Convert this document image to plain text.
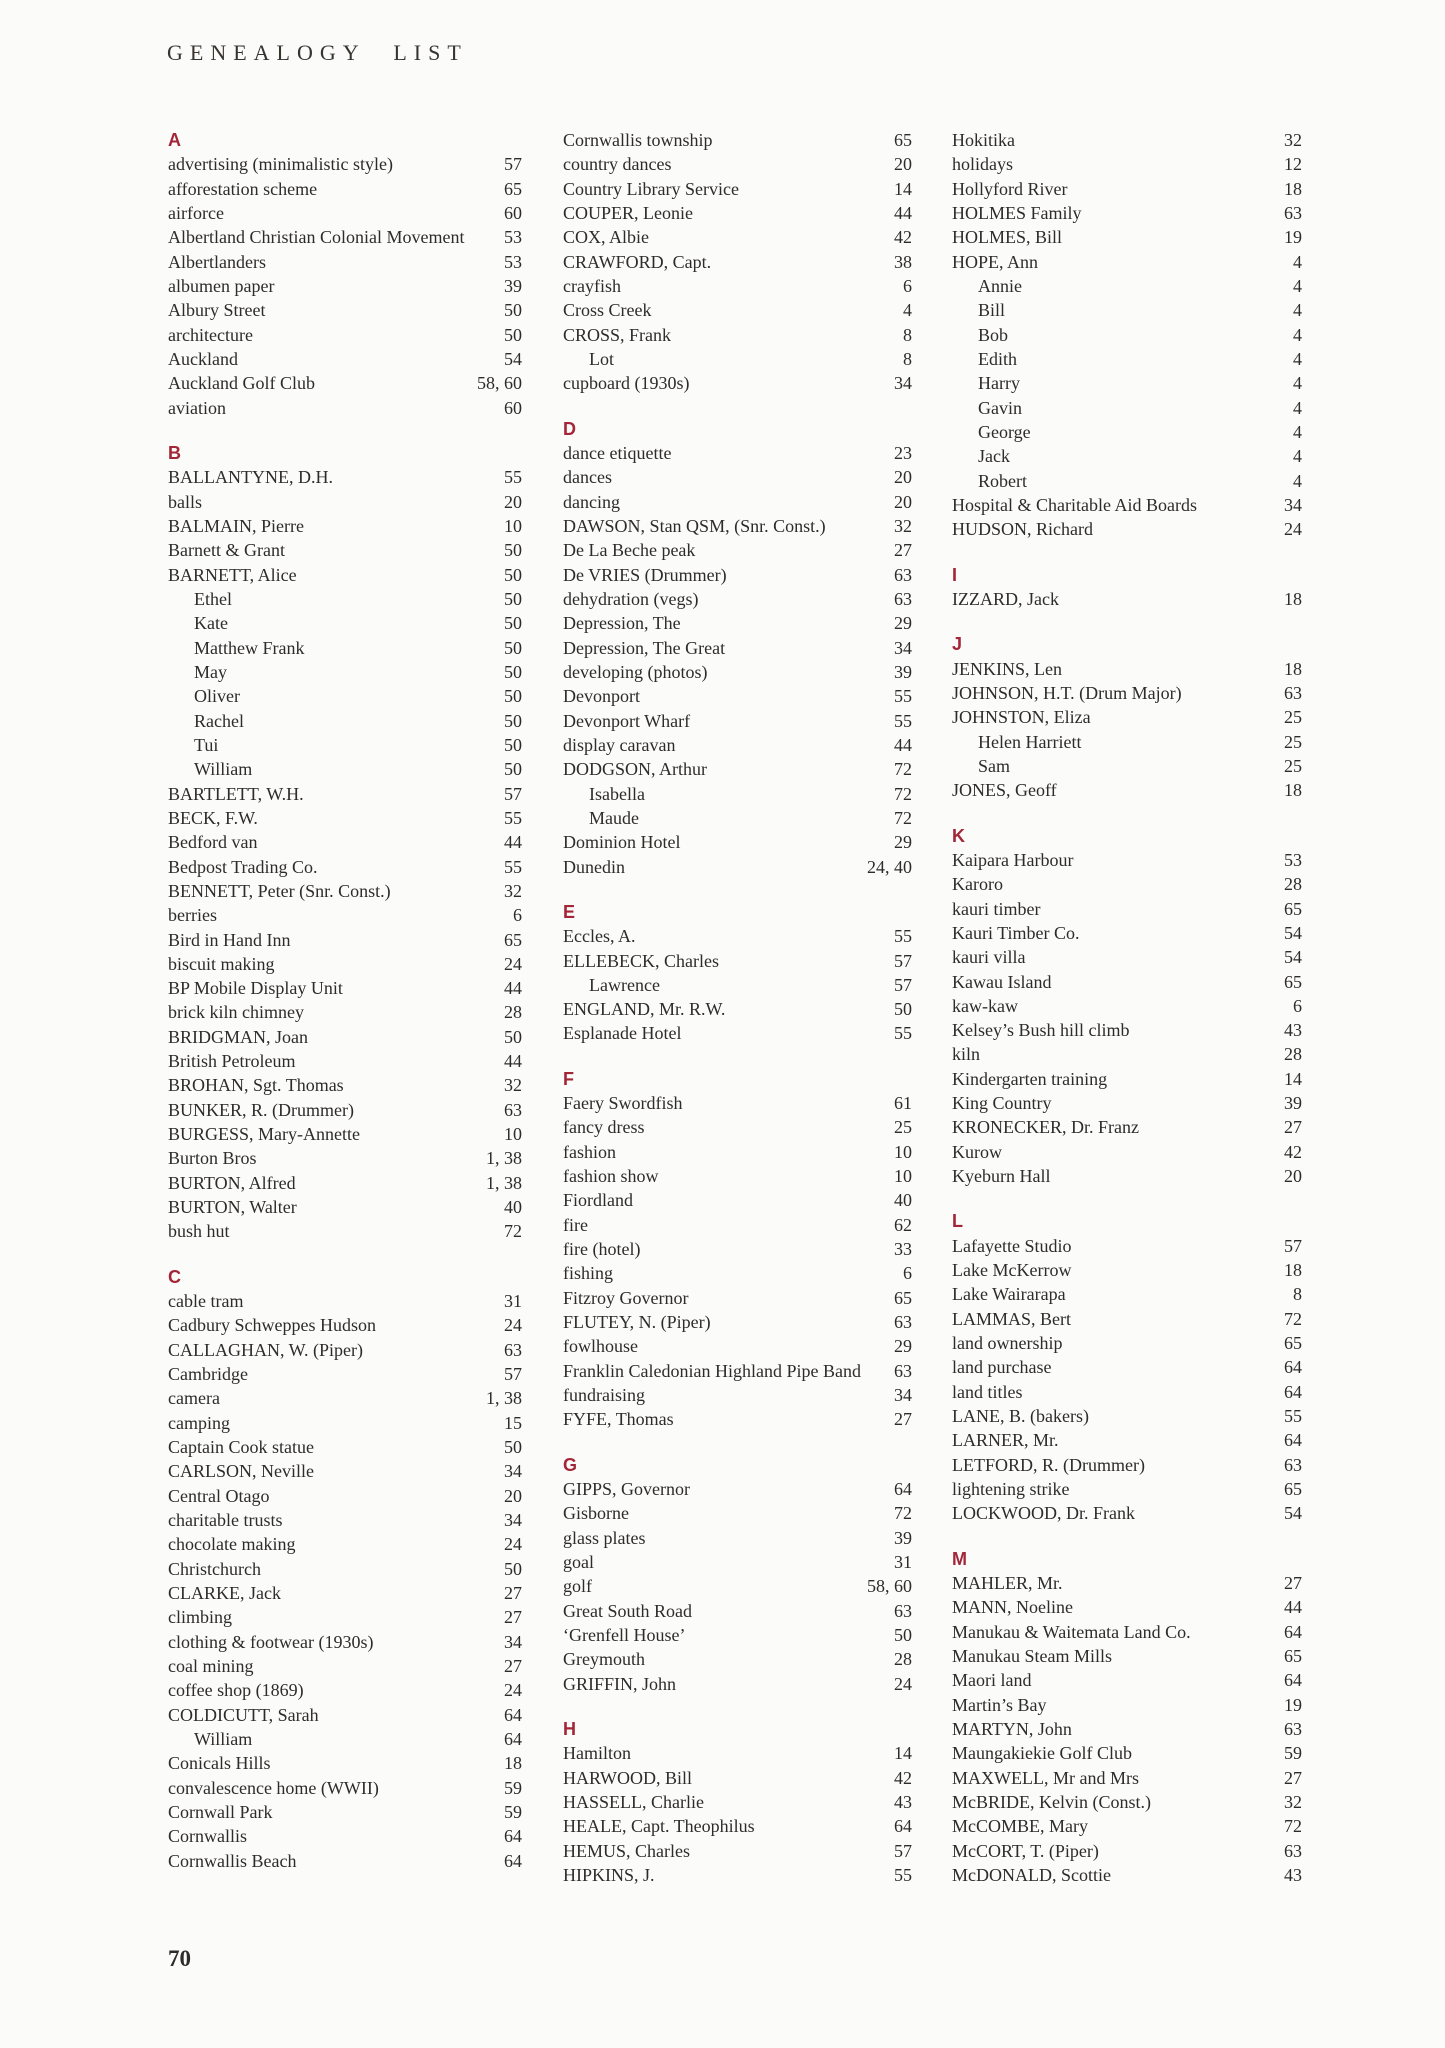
GENEALOGY LIST
A
advertising (minimalistic style)	57
afforestation scheme	65
airforce	60
Albertland Christian Colonial Movement 53
Albertlanders	53
albumen paper	39
Albury Street	50
architecture	50
Auckland	54
Auckland Golf Club	58, 60
aviation	60
B
BALLANTYNE, D.H.	55
balls	20
BALMAIN, Pierre	10
Barnett & Grant	50
BARNETT, Alice	50
Ethel	50
Kate	50
Matthew Frank	50
May	50
Oliver	50
Rachel	50
Tui	50
William	50
BARTLETT, W.H.	57
BECK, F.W.	55
Bedford van	44
Bedpost Trading Co.	55
BENNETT, Peter (Snr. Const.)	32
berries	6
Bird in Hand Inn	65
biscuit making	24
BP Mobile Display Unit	44
brick kiln chimney	28
BRIDGMAN, Joan	50
British Petroleum	44
BROHAN, Sgt. Thomas	32
BUNKER, R. (Drummer)	63
BURGESS, Mary-Annette	10
Burton Bros	1, 38
BURTON, Alfred	1, 38
BURTON, Walter	40
bush hut	72
C
cable tram	31
Cadbury Schweppes Hudson	24
CALLAGHAN, W. (Piper)	63
Cambridge	57
camera	1, 38
camping	15
Captain Cook statue	50
CARLSON, Neville	34
Central Otago	20
charitable trusts	34
chocolate making	24
Christchurch	50
CLARKE, Jack	27
climbing	27
clothing & footwear (1930s)	34
coal mining	27
coffee shop (1869)	24
COLDICUTT, Sarah	64
William	64
Conicals Hills	18
convalescence home (WWII)	59
Cornwall Park	59
Cornwallis	64
Cornwallis Beach	64
Cornwallis township	65
country dances	20
Country Library Service	14
COUPER, Leonie	44
COX, Albie	42
CRAWFORD, Capt.	38
crayfish	6
Cross Creek	4
CROSS, Frank	8
Lot	8
cupboard (1930s)	34
D
dance etiquette	23
dances	20
dancing	20
DAWSON, Stan QSM, (Snr. Const.)	32
De La Beche peak	27
De VRIES (Drummer)	63
dehydration (vegs)	63
Depression, The	29
Depression, The Great	34
developing (photos)	39
Devonport	55
Devonport Wharf	55
display caravan	44
DODGSON, Arthur	72
Isabella	72
Maude	72
Dominion Hotel	29
Dunedin	24, 40
E
Eccles, A.	55
ELLEBECK, Charles	57
Lawrence	57
ENGLAND, Mr. R.W.	50
Esplanade Hotel	55
F
Faery Swordfish	61
fancy dress	25
fashion	10
fashion show	10
Fiordland	40
fire	62
fire (hotel)	33
fishing	6
Fitzroy Governor	65
FLUTEY, N. (Piper)	63
fowlhouse	29
Franklin Caledonian Highland Pipe Band 63
fundraising	34
FYFE, Thomas	27
G
GIPPS, Governor	64
Gisborne	72
glass plates	39
goal	31
golf	58, 60
Great South Road	63
‘Grenfell House’	50
Greymouth	28
GRIFFIN, John	24
H
Hamilton	14
HARWOOD, Bill	42
HASSELL, Charlie	43
HEALE, Capt. Theophilus	64
HEMUS, Charles	57
HIPKINS, J.	55
Hokitika	32
holidays	12
Hollyford River	18
HOLMES Family	63
HOLMES, Bill	19
HOPE, Ann	4
Annie	4
Bill	4
Bob	4
Edith	4
Harry	4
Gavin	4
George	4
Jack	4
Robert	4
Hospital & Charitable Aid Boards	34
HUDSON, Richard	24
I
IZZARD, Jack	18
J
JENKINS, Len	18
JOHNSON, H.T. (Drum Major)	63
JOHNSTON, Eliza	25
Helen Harriett	25
Sam	25
JONES, Geoff	18
K
Kaipara Harbour	53
Karoro	28
kauri timber	65
Kauri Timber Co.	54
kauri villa	54
Kawau Island	65
kaw-kaw	6
Kelsey’s Bush hill climb	43
kiln	28
Kindergarten training	14
King Country	39
KRONECKER, Dr. Franz	27
Kurow	42
Kyeburn Hall	20
L
Lafayette Studio	57
Lake McKerrow	18
Lake Wairarapa	8
LAMMAS, Bert	72
land ownership	65
land purchase	64
land titles	64
LANE, B. (bakers)	55
LARNER, Mr.	64
LETFORD, R. (Drummer)	63
lightening strike	65
LOCKWOOD, Dr. Frank	54
M
MAHLER, Mr.	27
MANN, Noeline	44
Manukau & Waitemata Land Co.	64
Manukau Steam Mills	65
Maori land	64
Martin’s Bay	19
MARTYN, John	63
Maungakiekie Golf Club	59
MAXWELL, Mr and Mrs	27
McBRIDE, Kelvin (Const.)	32
McCOMBE, Mary	72
McCORT, T. (Piper)	63
McDONALD, Scottie	43
70
